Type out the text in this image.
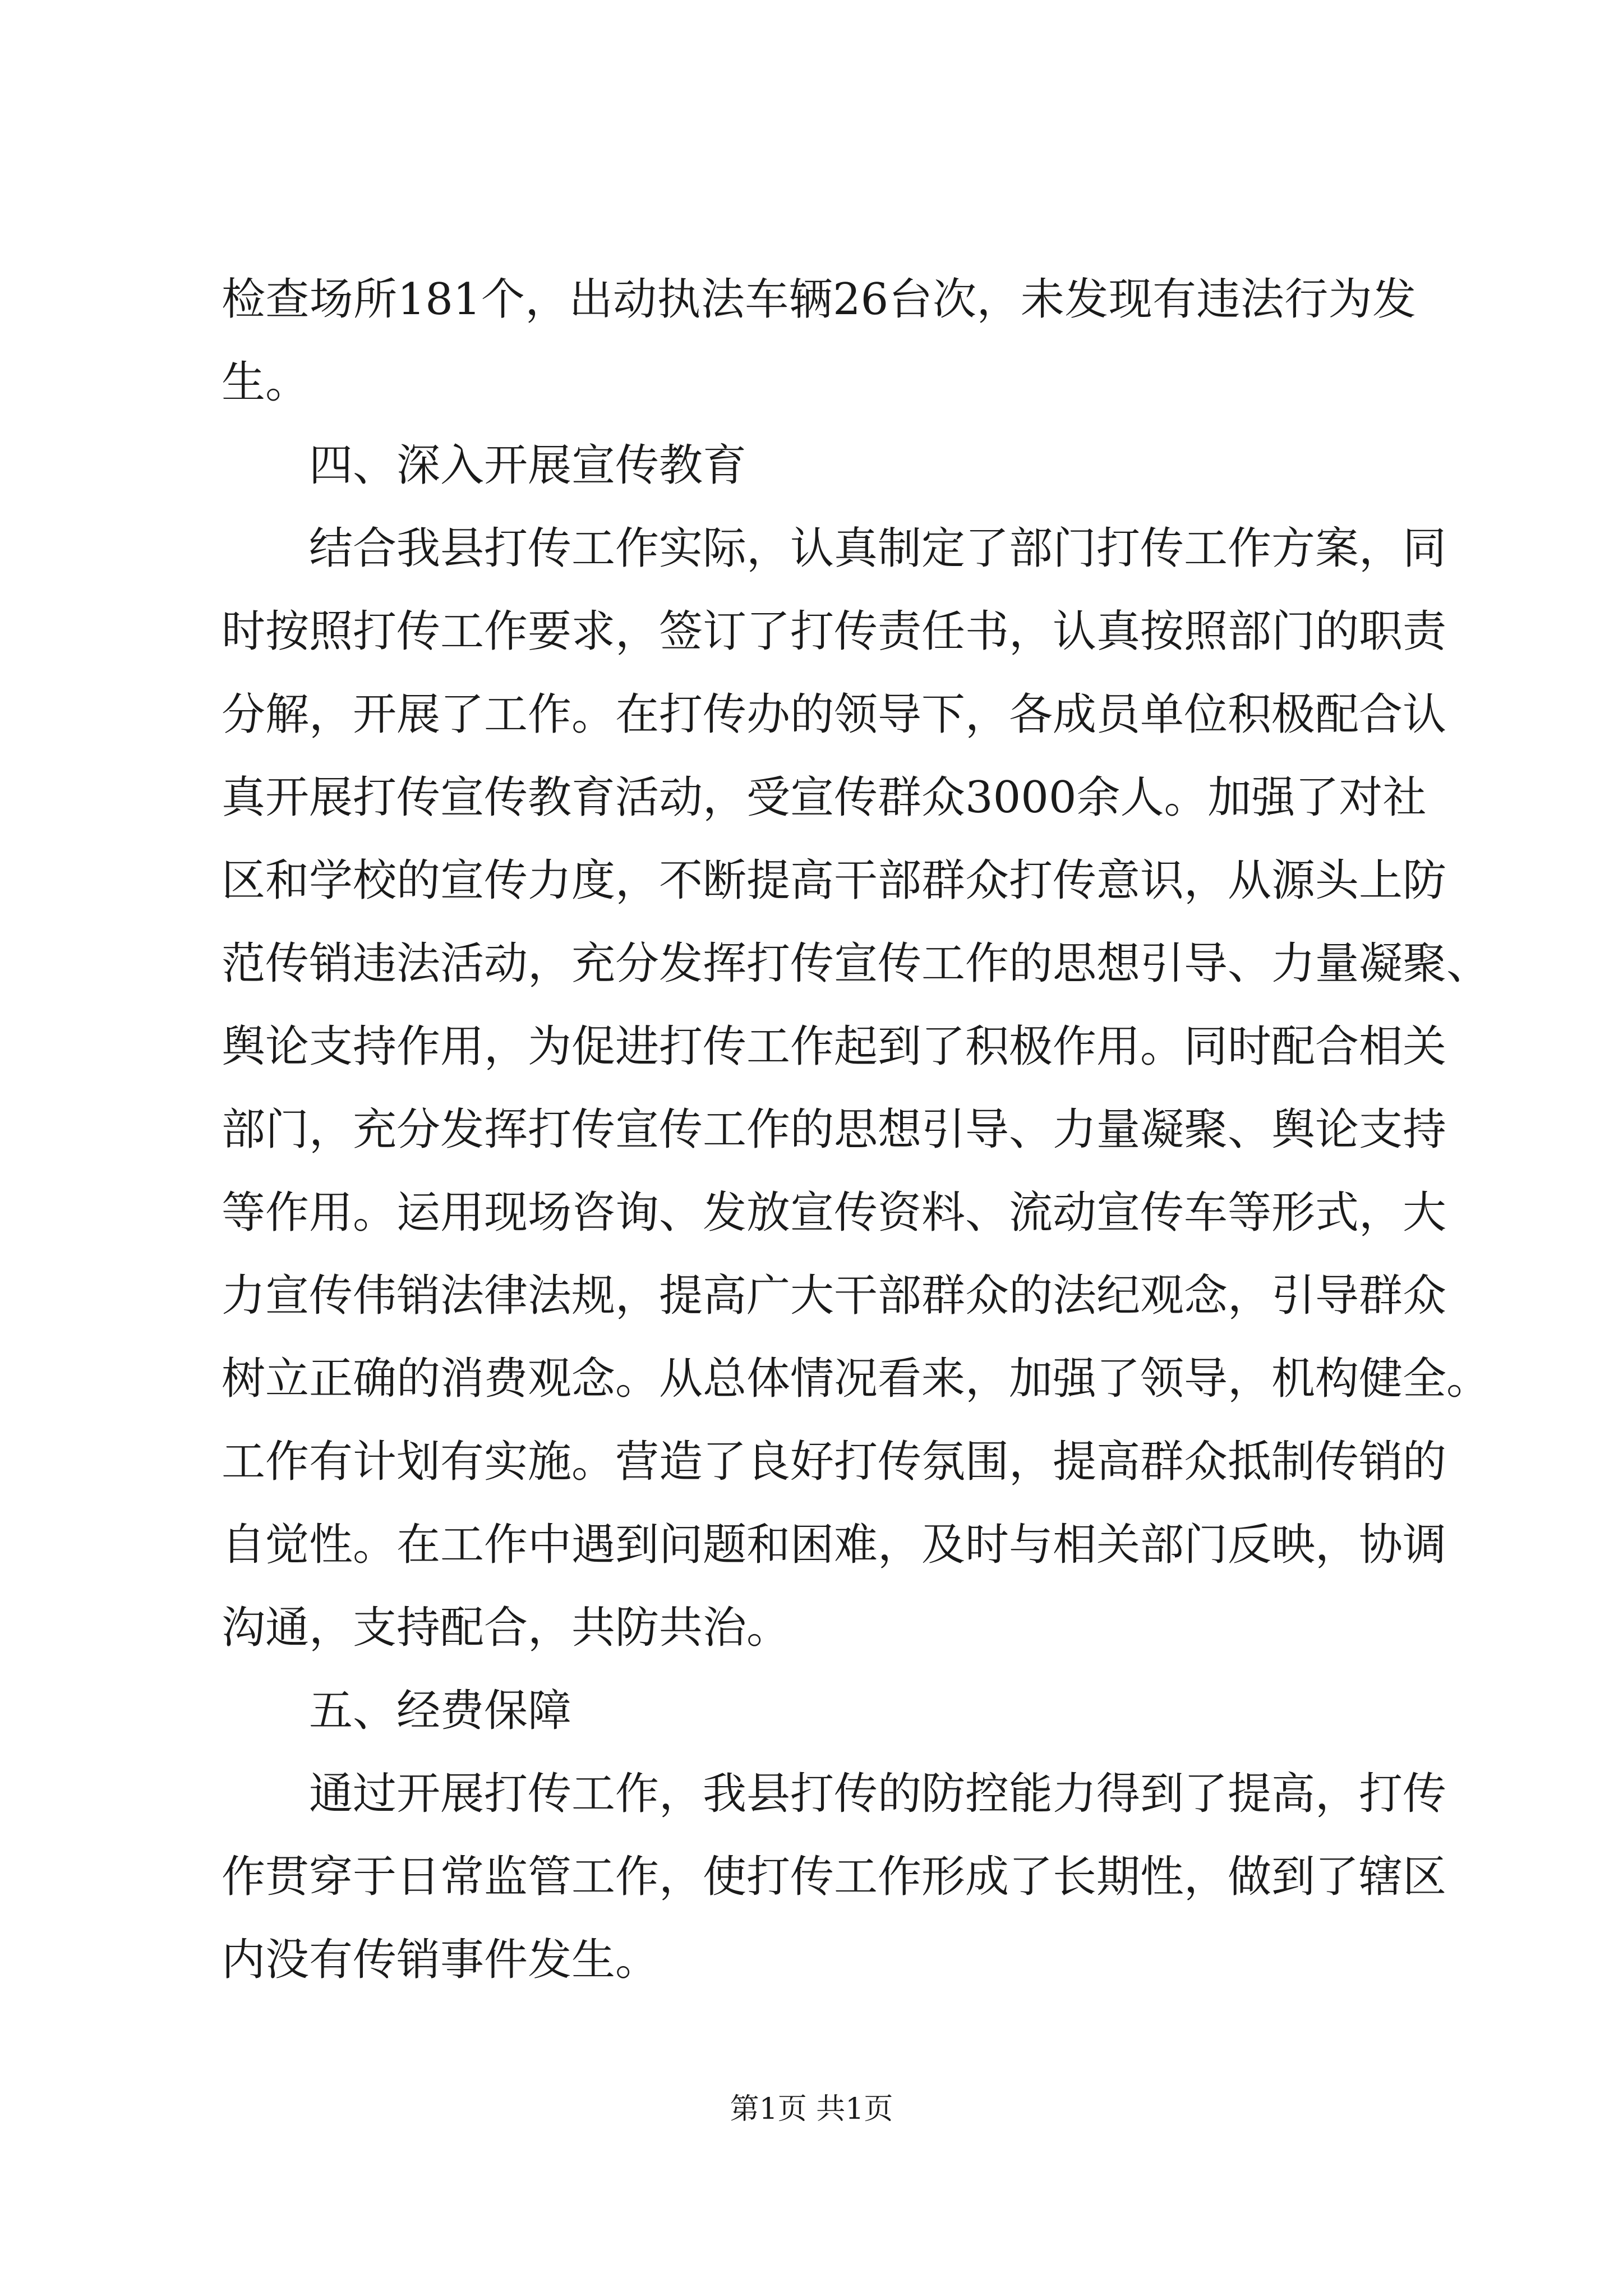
检查场所181个，出动执法车辆26台次，未发现有违法行为发
生。
四、深入开展宣传教育
结合我县打传工作实际，认真制定了部门打传工作方案，同
时按照打传工作要求，签订了打传责任书，认真按照部门的职责
分解，开展了工作。在打传办的领导下，各成员单位积极配合认
真开展打传宣传教育活动，受宣传群众3000余人。加强了对社
区和学校的宣传力度，不断提高干部群众打传意识，从源头上防
范传销违法活动，充分发挥打传宣传工作的思想引导、力量凝聚、
舆论支持作用，为促进打传工作起到了积极作用。同时配合相关
部门，充分发挥打传宣传工作的思想引导、力量凝聚、舆论支持
等作用。运用现场咨询、发放宣传资料、流动宣传车等形式，大
力宣传伟销法律法规，提高广大干部群众的法纪观念，引导群众
树立正确的消费观念。从总体情况看来，加强了领导，机构健全。
工作有计划有实施。营造了良好打传氛围，提高群众抵制传销的
自觉性。在工作中遇到问题和困难，及时与相关部门反映，协调
沟通，支持配合，共防共治。
五、经费保障
通过开展打传工作，我县打传的防控能力得到了提高，打传
作贯穿于日常监管工作，使打传工作形成了长期性，做到了辖区
内没有传销事件发生。
第1页 共1页
